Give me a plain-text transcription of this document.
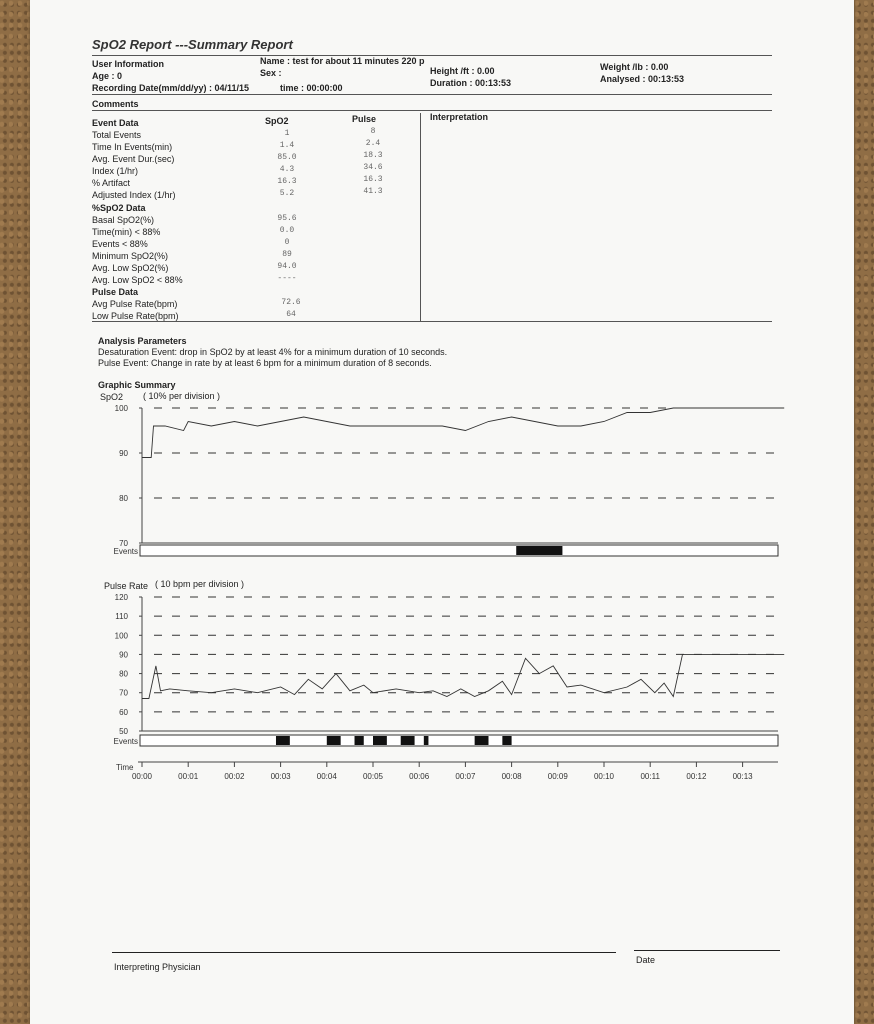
SpO2 Report ---Summary Report
User Information
Age : 0
Recording Date(mm/dd/yy) : 04/11/15	time : 00:00:00
Name : test for about 11 minutes 220 p
Sex :	Height /ft : 0.00
Duration : 00:13:53
Weight /lb : 0.00
Analysed : 00:13:53
Comments
Event Data	SpO2	Pulse	Interpretation
Total Events	1	8
Time In Events(min)	1.4	2.4
Avg. Event Dur.(sec)	85.0	18.3
Index (1/hr)	4.3	34.6
% Artifact	16.3	16.3
Adjusted Index (1/hr)	5.2	41.3
%SpO2 Data
Basal SpO2(%)	95.6
Time(min) < 88%	0.0
Events < 88%	0
Minimum SpO2(%)	89
Avg. Low SpO2(%)	94.0
Avg. Low SpO2 < 88%	----
Pulse Data
Avg Pulse Rate(bpm)	72.6
Low Pulse Rate(bpm)	64
Analysis Parameters
Desaturation Event: drop in SpO2 by at least 4% for a minimum duration of 10 seconds.
Pulse Event: Change in rate by at least 6 bpm for a minimum duration of 8 seconds.
Graphic Summary
SpO2 ( 10% per division )
Pulse Rate ( 10 bpm per division )
100
90
80
70
Events
120
110
100
90
80
70
60
50
Events
Time
00:00	00:01	00:02	00:03	00:04	00:05	00:06	00:07	00:08	00:09	00:10	00:11	00:12	00:13
Interpreting Physician
Date
